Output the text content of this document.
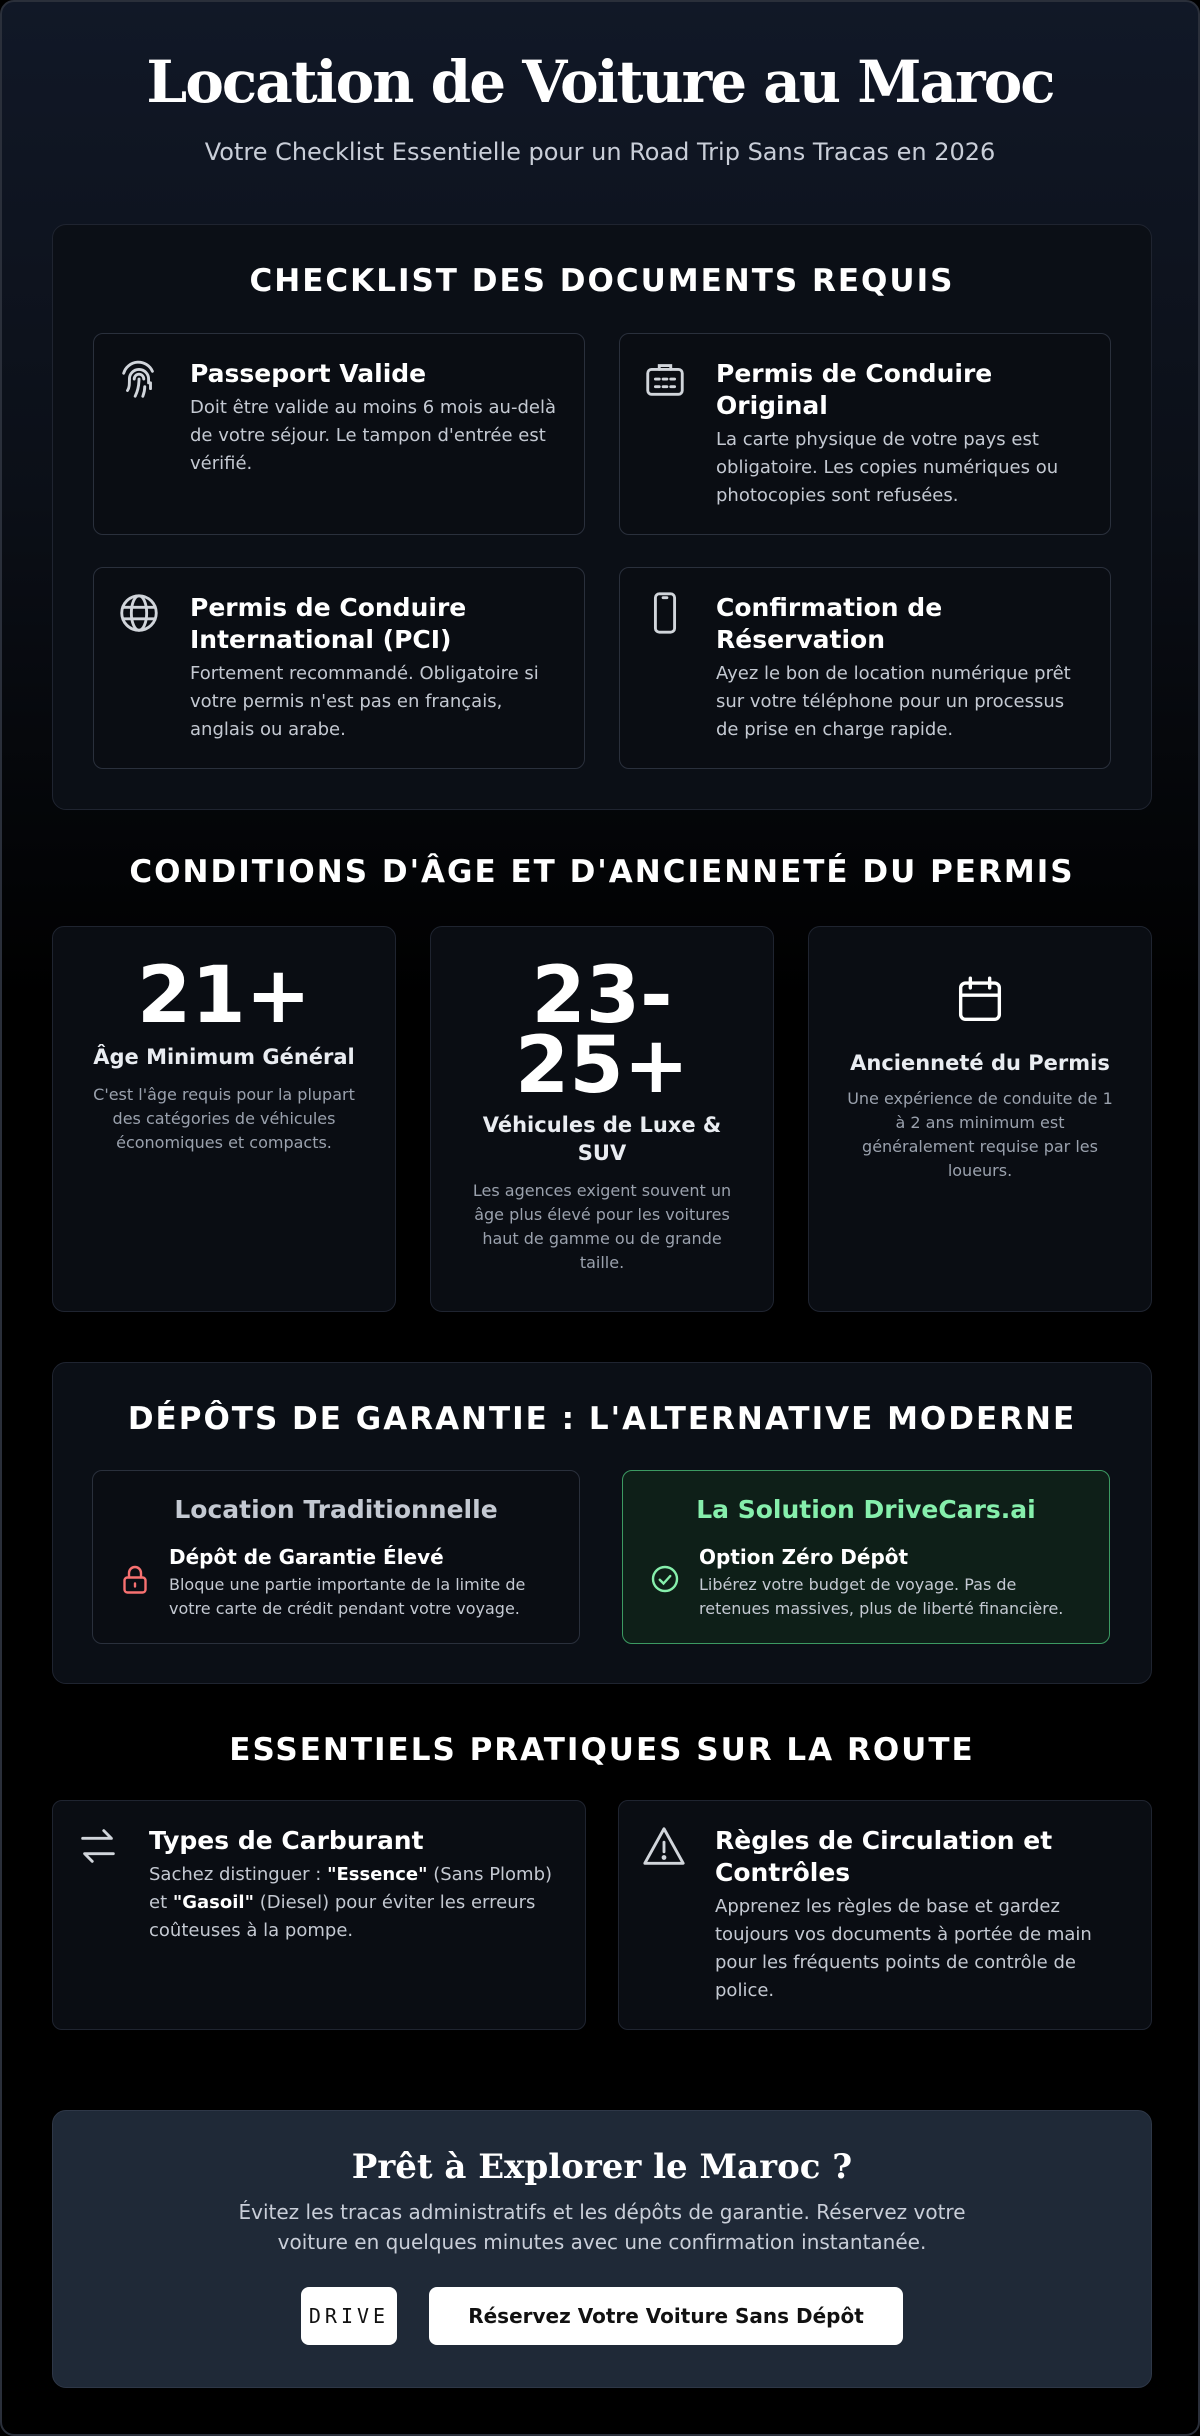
Location de Voiture au Maroc

Votre Checklist Essentielle pour un Road Trip Sans Tracas en 2026

CHECKLIST DES DOCUMENTS REQUIS
Passeport Valide

Doit être valide au moins 6 mois au-delà de votre séjour. Le tampon d'entrée est vérifié.

Permis de Conduire Original

La carte physique de votre pays est obligatoire. Les copies numériques ou photocopies sont refusées.

Permis de Conduire International (PCI)

Fortement recommandé. Obligatoire si votre permis n'est pas en français, anglais ou arabe.

Confirmation de Réservation

Ayez le bon de location numérique prêt sur votre téléphone pour un processus de prise en charge rapide.

CONDITIONS D'ÂGE ET D'ANCIENNETÉ DU PERMIS
21+
Âge Minimum Général

C'est l'âge requis pour la plupart des catégories de véhicules économiques et compacts.

23-
25+
Véhicules de Luxe & SUV

Les agences exigent souvent un âge plus élevé pour les voitures haut de gamme ou de grande taille.

Ancienneté du Permis

Une expérience de conduite de 1 à 2 ans minimum est généralement requise par les loueurs.

DÉPÔTS DE GARANTIE : L'ALTERNATIVE MODERNE
Location Traditionnelle
Dépôt de Garantie Élevé

Bloque une partie importante de la limite de votre carte de crédit pendant votre voyage.

La Solution DriveCars.ai
Option Zéro Dépôt

Libérez votre budget de voyage. Pas de retenues massives, plus de liberté financière.

ESSENTIELS PRATIQUES SUR LA ROUTE
Types de Carburant

Sachez distinguer : "Essence" (Sans Plomb) et "Gasoil" (Diesel) pour éviter les erreurs coûteuses à la pompe.

Règles de Circulation et Contrôles

Apprenez les règles de base et gardez toujours vos documents à portée de main pour les fréquents points de contrôle de police.

Prêt à Explorer le Maroc ?

Évitez les tracas administratifs et les dépôts de garantie. Réservez votre voiture en quelques minutes avec une confirmation instantanée.

DRIVE	Réservez Votre Voiture Sans Dépôt
